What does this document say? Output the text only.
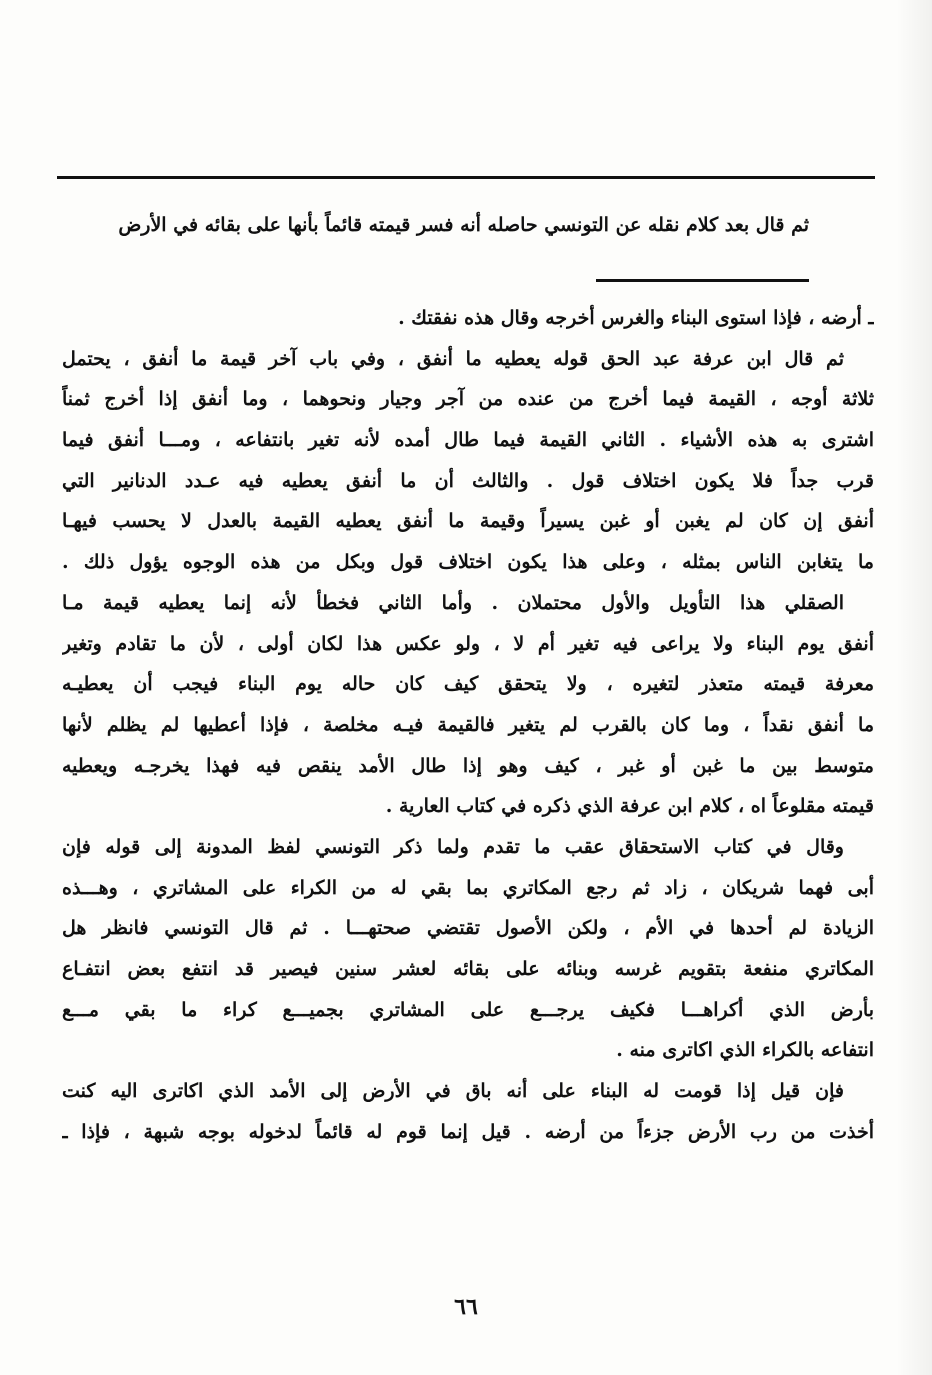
ثم قال بعد كلام نقله عن التونسي حاصله أنه فسر قيمته قائماً بأنها على بقائه في الأرض
ـ أرضه ، فإذا استوى البناء والغرس أخرجه وقال هذه نفقتك .
ثم قال ابن عرفة عبد الحق قوله يعطيه ما أنفق ، وفي باب آخر قيمة ما أنفق ، يحتمل
ثلاثة أوجه ، القيمة فيما أخرج من عنده من آجر وجيار ونحوهما ، وما أنفق إذا أخرج ثمناً
اشترى به هذه الأشياء . الثاني القيمة فيما طال أمده لأنه تغير بانتفاعه ، ومـــا أنفق فيما
قرب جداً فلا يكون اختلاف قول . والثالث أن ما أنفق يعطيه فيه عـدد الدنانير التي
أنفق إن كان لم يغبن أو غبن يسيراً وقيمة ما أنفق يعطيه القيمة بالعدل لا يحسب فيهـا
ما يتغابن الناس بمثله ، وعلى هذا يكون اختلاف قول وبكل من هذه الوجوه يؤول ذلك .
الصقلي هذا التأويل والأول محتملان . وأما الثاني فخطأ لأنه إنما يعطيه قيمة مـا
أنفق يوم البناء ولا يراعى فيه تغير أم لا ، ولو عكس هذا لكان أولى ، لأن ما تقادم وتغير
معرفة قيمته متعذر لتغيره ، ولا يتحقق كيف كان حاله يوم البناء فيجب أن يعطيـه
ما أنفق نقداً ، وما كان بالقرب لم يتغير فالقيمة فيـه مخلصة ، فإذا أعطيها لم يظلم لأنها
متوسط بين ما غبن أو غبر ، كيف وهو إذا طال الأمد ينقص فيه فهذا يخرجـه ويعطيه
قيمته مقلوعاً اه ، كلام ابن عرفة الذي ذكره في كتاب العارية .
وقال في كتاب الاستحقاق عقب ما تقدم ولما ذكر التونسي لفظ المدونة إلى قوله فإن
أبى فهما شريكان ، زاد ثم رجع المكاتري بما بقي له من الكراء على المشاتري ، وهـــذه
الزيادة لم أحدها في الأم ، ولكن الأصول تقتضي صحتهـــا . ثم قال التونسي فانظر هل
المكاتري منفعة بتقويم غرسه وبنائه على بقائه لعشر سنين فيصير قد انتفع بعض انتفـاع
بأرض الذي أكراهـــا فكيف يرجـــع على المشاتري بجميـــع كراء ما بقي مـــع
انتفاعه بالكراء الذي اكاترى منه .
فإن قيل إذا قومت له البناء على أنه باق في الأرض إلى الأمد الذي اكاترى اليه كنت
أخذت من رب الأرض جزءاً من أرضه . قيل إنما قوم له قائماً لدخوله بوجه شبهة ، فإذا ـ
٦٦
